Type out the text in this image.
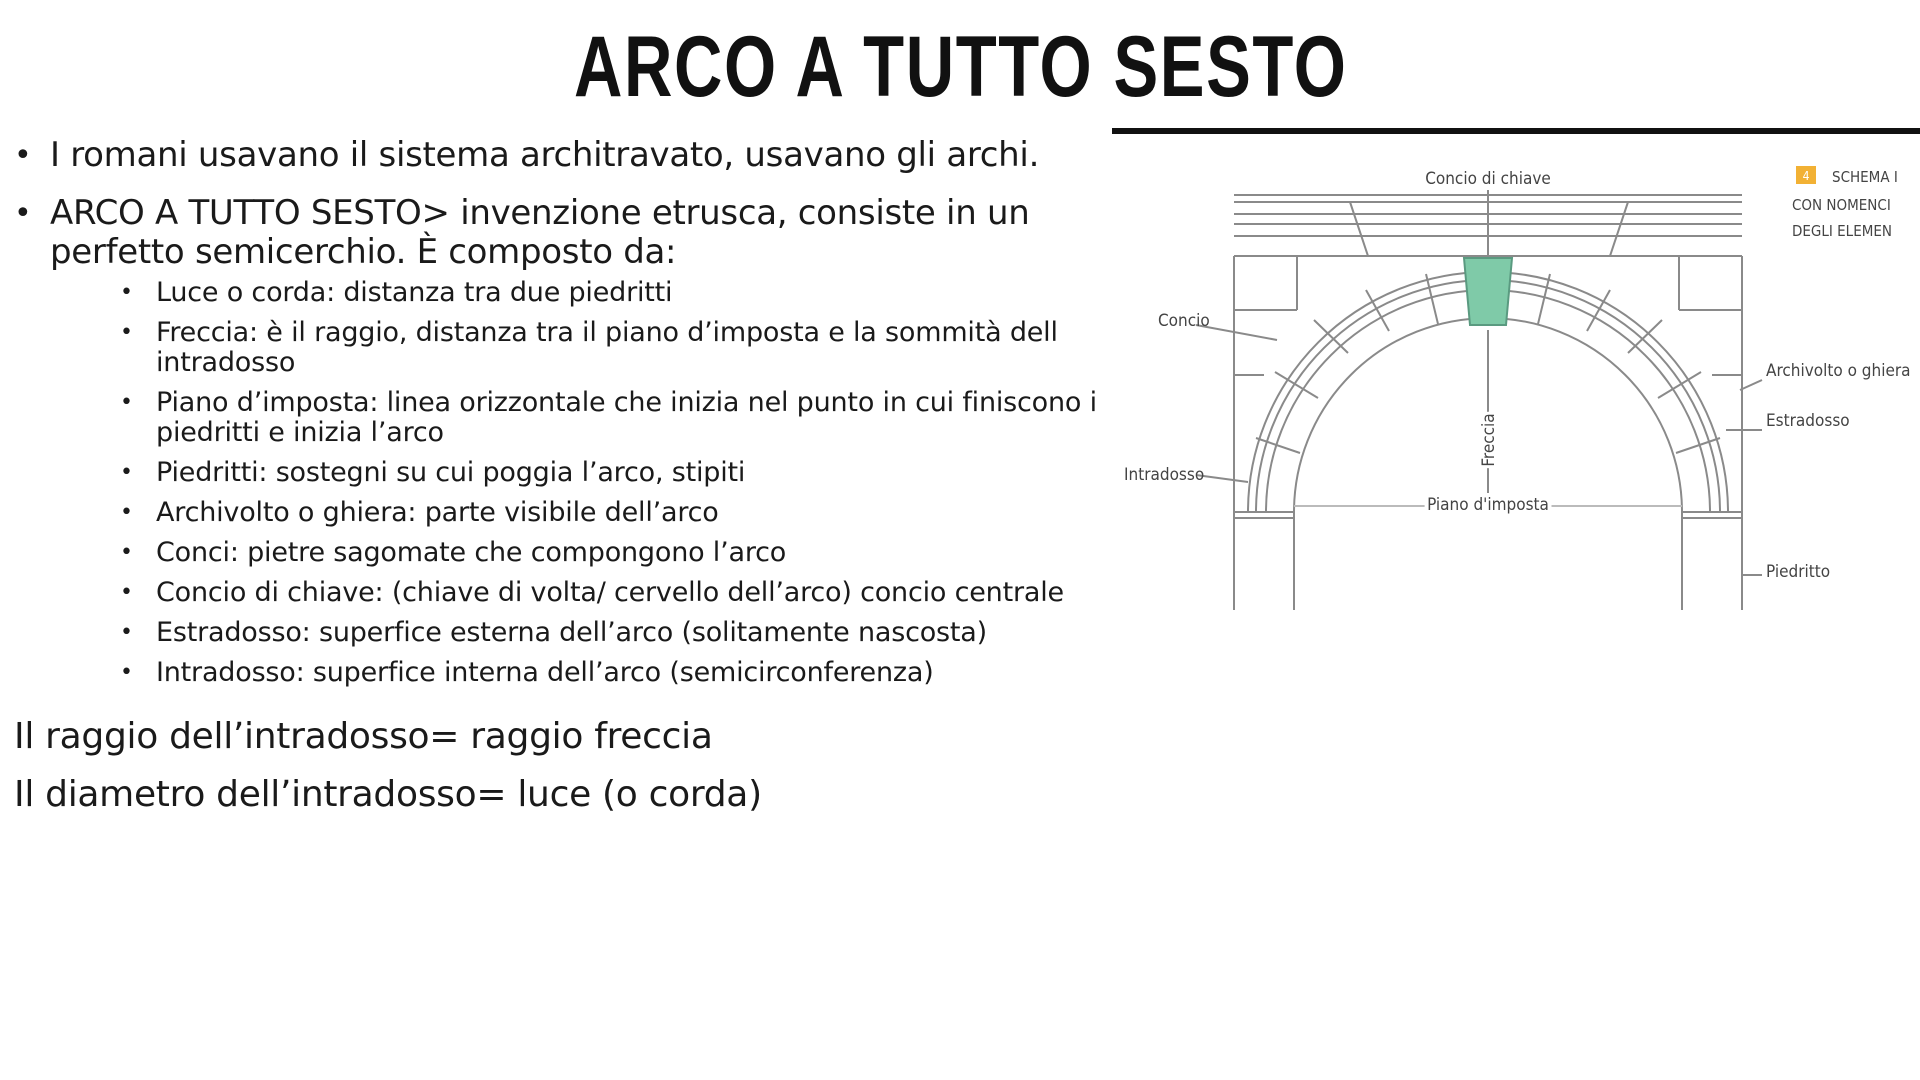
ARCO A TUTTO SESTO
• I romani usavano il sistema architravato, usavano gli archi.
• ARCO A TUTTO SESTO> invenzione etrusca, consiste in un perfetto semicerchio. È composto da:
• Luce o corda: distanza tra due piedritti
• Freccia: è il raggio, distanza tra il piano d’imposta e la sommità dell intradosso
• Piano d’imposta: linea orizzontale che inizia nel punto in cui finiscono i piedritti e inizia l’arco
• Piedritti: sostegni su cui poggia l’arco, stipiti
• Archivolto o ghiera: parte visibile dell’arco
• Conci: pietre sagomate che compongono l’arco
• Concio di chiave: (chiave di volta/ cervello dell’arco) concio centrale
• Estradosso: superfice esterna dell’arco (solitamente nascosta)
• Intradosso: superfice interna dell’arco (semicirconferenza)

Il raggio dell’intradosso= raggio freccia

Il diametro dell’intradosso= luce (o corda)

Concio di chiave
Concio
Archivolto o ghiera
Estradosso
Intradosso
Piano d'imposta
Piedritto
Freccia
4 SCHEMA I
CON NOMENCI
DEGLI ELEMEN
